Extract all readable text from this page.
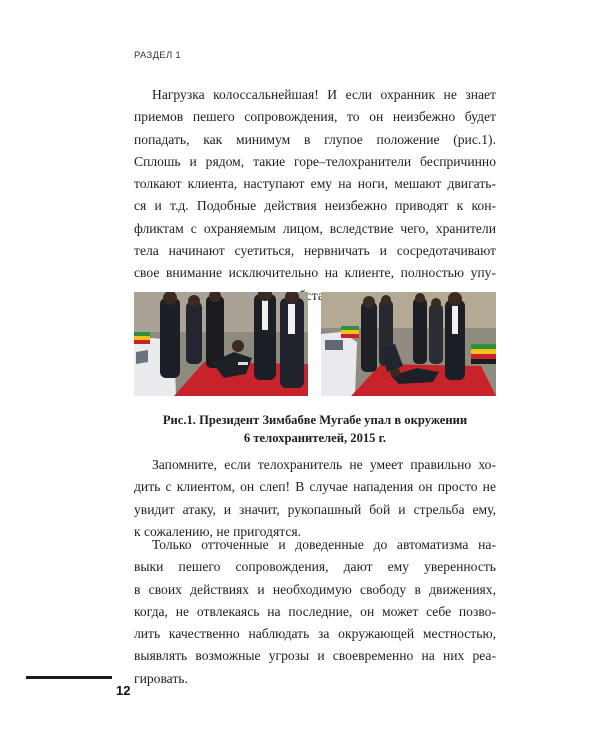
РАЗДЕЛ 1
Нагрузка колоссальнейшая! И если охранник не знает
приемов пешего сопровождения, то он неизбежно будет
попадать, как минимум в глупое положение (рис.1).
Сплошь и рядом, такие горе–телохранители беспричинно
толкают клиента, наступают ему на ноги, мешают двигать-
ся и т.д. Подобные действия неизбежно приводят к кон-
фликтам с охраняемым лицом, вследствие чего, хранители
тела начинают суетиться, нервничать и сосредотачивают
свое внимание исключительно на клиенте, полностью упу-
Рис.1. Президент Зимбабве Мугабе упал в окружении
6 телохранителей, 2015 г.
Запомните, если телохранитель не умеет правильно хо-
дить с клиентом, он слеп! В случае нападения он просто не
увидит атаку, и значит, рукопашный бой и стрельба ему,
к сожалению, не пригодятся.
Только отточенные и доведенные до автоматизма на-
выки пешего сопровождения, дают ему уверенность
в своих действиях и необходимую свободу в движениях,
когда, не отвлекаясь на последние, он может себе позво-
лить качественно наблюдать за окружающей местностью,
выявлять возможные угрозы и своевременно на них реа-
гировать.
12
